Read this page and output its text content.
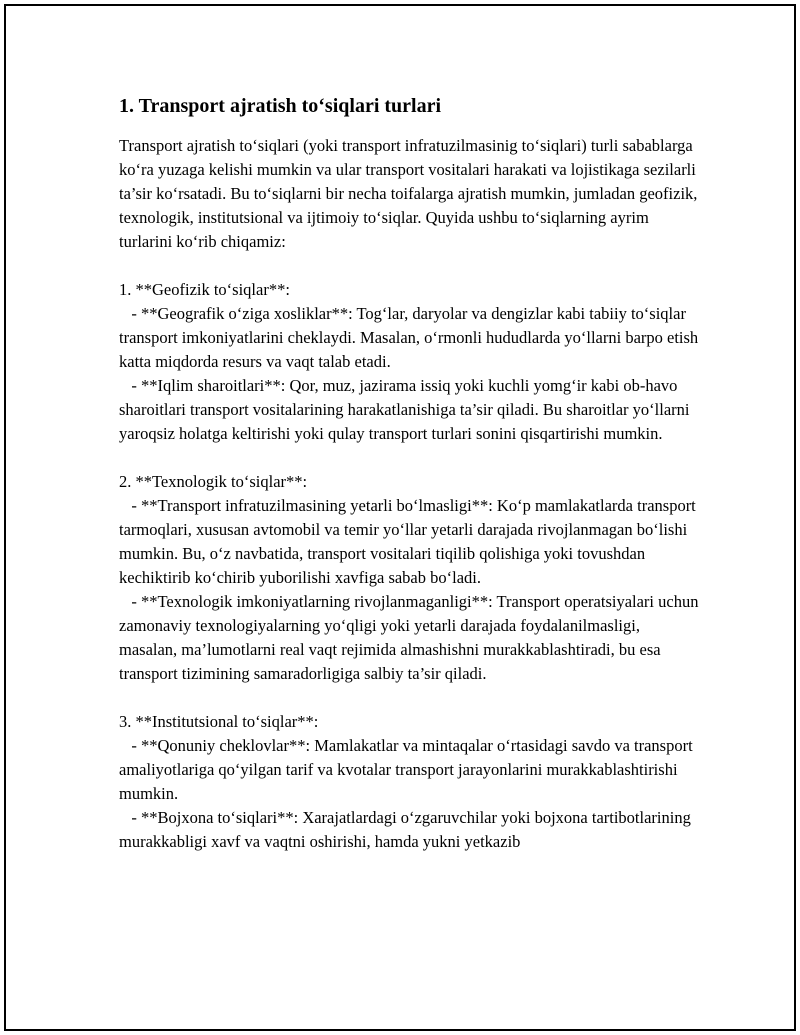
1. Transport ajratish to‘siqlari turlari

Transport ajratish to‘siqlari (yoki transport infratuzilmasinig to‘siqlari) turli sabablarga ko‘ra yuzaga kelishi mumkin va ular transport vositalari harakati va lojistikaga sezilarli ta’sir ko‘rsatadi. Bu to‘siqlarni bir necha toifalarga ajratish mumkin, jumladan geofizik, texnologik, institutsional va ijtimoiy to‘siqlar. Quyida ushbu to‘siqlarning ayrim turlarini ko‘rib chiqamiz:

1. **Geofizik to‘siqlar**:

- **Geografik o‘ziga xosliklar**: Tog‘lar, daryolar va dengizlar kabi tabiiy to‘siqlar transport imkoniyatlarini cheklaydi. Masalan, o‘rmonli hududlarda yo‘llarni barpo etish katta miqdorda resurs va vaqt talab etadi.

- **Iqlim sharoitlari**: Qor, muz, jazirama issiq yoki kuchli yomg‘ir kabi ob-havo sharoitlari transport vositalarining harakatlanishiga ta’sir qiladi. Bu sharoitlar yo‘llarni yaroqsiz holatga keltirishi yoki qulay transport turlari sonini qisqartirishi mumkin.

2. **Texnologik to‘siqlar**:

- **Transport infratuzilmasining yetarli bo‘lmasligi**: Ko‘p mamlakatlarda transport tarmoqlari, xususan avtomobil va temir yo‘llar yetarli darajada rivojlanmagan bo‘lishi mumkin. Bu, o‘z navbatida, transport vositalari tiqilib qolishiga yoki tovushdan kechiktirib ko‘chirib yuborilishi xavfiga sabab bo‘ladi.

- **Texnologik imkoniyatlarning rivojlanmaganligi**: Transport operatsiyalari uchun zamonaviy texnologiyalarning yo‘qligi yoki yetarli darajada foydalanilmasligi, masalan, ma’lumotlarni real vaqt rejimida almashishni murakkablashtiradi, bu esa transport tizimining samaradorligiga salbiy ta’sir qiladi.

3. **Institutsional to‘siqlar**:

- **Qonuniy cheklovlar**: Mamlakatlar va mintaqalar o‘rtasidagi savdo va transport amaliyotlariga qo‘yilgan tarif va kvotalar transport jarayonlarini murakkablashtirishi mumkin.

- **Bojxona to‘siqlari**: Xarajatlardagi o‘zgaruvchilar yoki bojxona tartibotlarining murakkabligi xavf va vaqtni oshirishi, hamda yukni yetkazib
